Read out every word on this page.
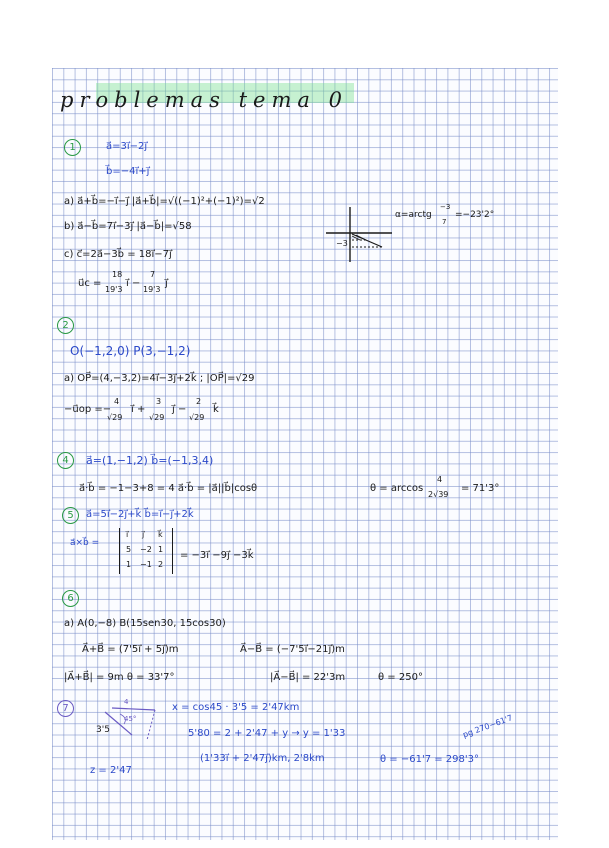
problemas tema 0
1	a⃗=3i⃗−2j⃗
b⃗=−4i⃗+j⃗
a) a⃗+b⃗=−i⃗−j⃗ |a⃗+b⃗|=√((−1)²+(−1)²)=√2
b) a⃗−b⃗=7i⃗−3j⃗ |a⃗−b⃗|=√58
c) c⃗=2a⃗−3b⃗ = 18i⃗−7j⃗
u⃗c =
18
19'3
i⃗ −
7
19'3
j⃗
−3
α=arctg
−3
7
=−23'2°
2
O(−1,2,0) P(3,−1,2)
a) OP⃗=(4,−3,2)=4i⃗−3j⃗+2k⃗ ; |OP⃗|=√29
−u⃗op =−
4
√29
i⃗ +
3
√29
j⃗ −
2
√29
k⃗
4	a⃗=(1,−1,2) b⃗=(−1,3,4)
a⃗·b⃗ = −1−3+8 = 4 a⃗·b⃗ = |a⃗||b⃗|cosθ	θ = arccos
4
2√39
= 71'3°
5	a⃗=5i⃗−2j⃗+k⃗ b⃗=i⃗−j⃗+2k⃗
a⃗×b⃗ =
i⃗ j⃗ k⃗
5 −2 1
1 −1 2
= −3i⃗ −9j⃗ −3k⃗
6
a) A(0,−8) B(15sen30, 15cos30)
A⃗+B⃗ = (7'5i⃗ + 5j⃗)m	A⃗−B⃗ = (−7'5i⃗−21j⃗)m
|A⃗+B⃗| = 9m θ = 33'7°	|A⃗−B⃗| = 22'3m	θ = 250°
7
4
45°
3'5
x = cos45 · 3'5 = 2'47km
5'80 = 2 + 2'47 + y → y = 1'33
(1'33i⃗ + 2'47j⃗)km, 2'8km	θ = −61'7 = 298'3°
pg 270−61'7
z = 2'47
